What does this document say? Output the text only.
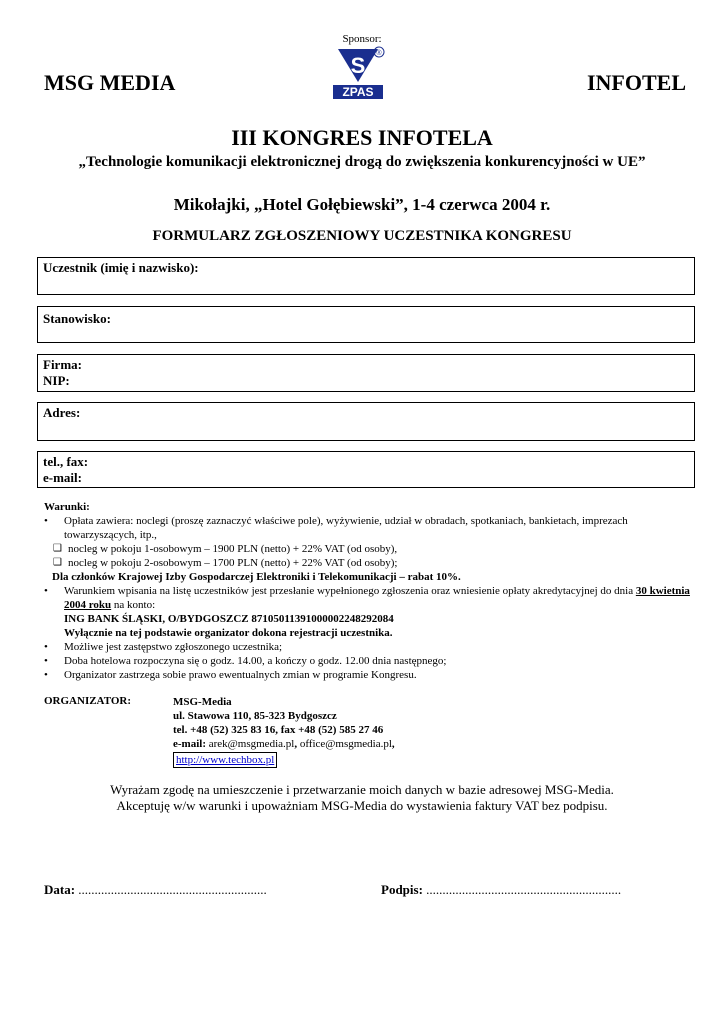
Sponsor:
S ®
ZPAS
MSG MEDIA	INFOTEL
III KONGRES INFOTELA
„Technologie komunikacji elektronicznej drogą do zwiększenia konkurencyjności w UE”
Mikołajki, „Hotel Gołębiewski”, 1-4 czerwca 2004 r.
FORMULARZ ZGŁOSZENIOWY UCZESTNIKA KONGRESU
Uczestnik (imię i nazwisko):
Stanowisko:
Firma:
NIP:
Adres:
tel., fax:
e-mail:
Warunki:
• Opłata zawiera: noclegi (proszę zaznaczyć właściwe pole), wyżywienie, udział w obradach, spotkaniach, bankietach, imprezach towarzyszących, itp.,
❑ nocleg w pokoju 1-osobowym – 1900 PLN (netto) + 22% VAT (od osoby),
❑ nocleg w pokoju 2-osobowym – 1700 PLN (netto) + 22% VAT (od osoby);
Dla członków Krajowej Izby Gospodarczej Elektroniki i Telekomunikacji – rabat 10%.
• Warunkiem wpisania na listę uczestników jest przesłanie wypełnionego zgłoszenia oraz wniesienie opłaty akredytacyjnej do dnia 30 kwietnia 2004 roku na konto:
ING BANK ŚLĄSKI, O/BYDGOSZCZ 87105011391000002248292084
Wyłącznie na tej podstawie organizator dokona rejestracji uczestnika.
• Możliwe jest zastępstwo zgłoszonego uczestnika;
• Doba hotelowa rozpoczyna się o godz. 14.00, a kończy o godz. 12.00 dnia następnego;
• Organizator zastrzega sobie prawo ewentualnych zmian w programie Kongresu.
ORGANIZATOR:	MSG-Media
ul. Stawowa 110, 85-323 Bydgoszcz
tel. +48 (52) 325 83 16, fax +48 (52) 585 27 46
e-mail: arek@msgmedia.pl, office@msgmedia.pl,
http://www.techbox.pl
Wyrażam zgodę na umieszczenie i przetwarzanie moich danych w bazie adresowej MSG-Media.
Akceptuję w/w warunki i upoważniam MSG-Media do wystawienia faktury VAT bez podpisu.
Data: ..........................................................	Podpis: ............................................................
